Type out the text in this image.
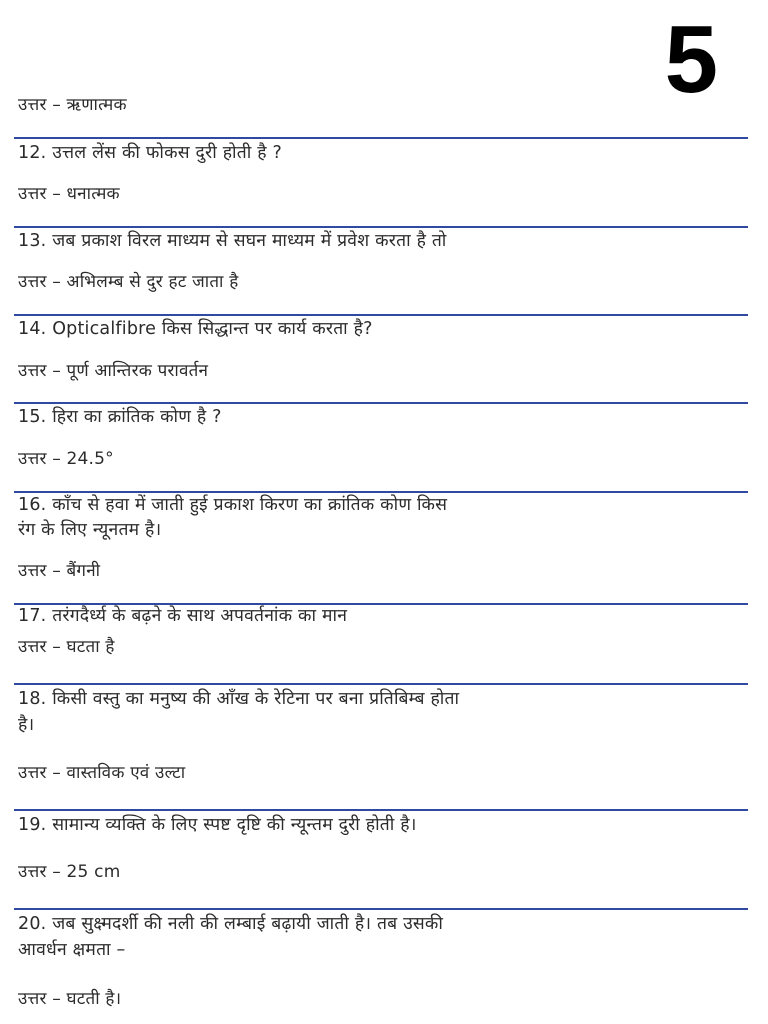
5
उत्तर – ऋणात्मक
12. उत्तल लेंस की फोकस दुरी होती है ?
उत्तर – धनात्मक
13. जब प्रकाश विरल माध्यम से सघन माध्यम में प्रवेश करता है तो
उत्तर – अभिलम्ब से दुर हट जाता है
14. Opticalfibre किस सिद्धान्त पर कार्य करता है?
उत्तर – पूर्ण आन्तिरक परावर्तन
15. हिरा का क्रांतिक कोण है ?
उत्तर – 24.5°
16. काँच से हवा में जाती हुई प्रकाश किरण का क्रांतिक कोण किस
रंग के लिए न्यूनतम है।
उत्तर – बैंगनी
17. तरंगदैर्ध्य के बढ़ने के साथ अपवर्तनांक का मान
उत्तर – घटता है
18. किसी वस्तु का मनुष्य की आँख के रेटिना पर बना प्रतिबिम्ब होता
है।
उत्तर – वास्तविक एवं उल्टा
19. सामान्य व्यक्ति के लिए स्पष्ट दृष्टि की न्यून्तम दुरी होती है।
उत्तर – 25 cm
20. जब सुक्ष्मदर्शी की नली की लम्बाई बढ़ायी जाती है। तब उसकी
आवर्धन क्षमता –
उत्तर – घटती है।
